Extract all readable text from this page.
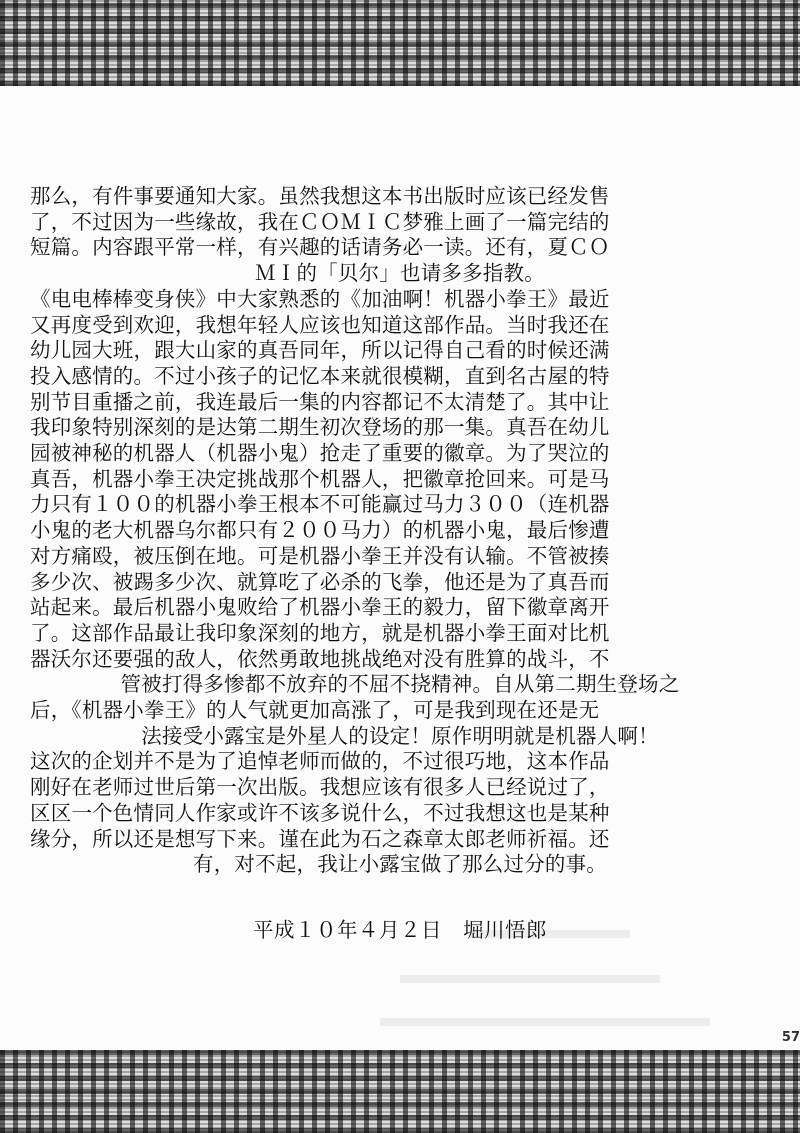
那么，有件事要通知大家。虽然我想这本书出版时应该已经发售
了，不过因为一些缘故，我在ＣＯＭＩＣ梦雅上画了一篇完结的
短篇。内容跟平常一样，有兴趣的话请务必一读。还有，夏ＣＯ
ＭＩ的「贝尔」也请多多指教。
《电电棒棒变身侠》中大家熟悉的《加油啊！机器小拳王》最近
又再度受到欢迎，我想年轻人应该也知道这部作品。当时我还在
幼儿园大班，跟大山家的真吾同年，所以记得自己看的时候还满
投入感情的。不过小孩子的记忆本来就很模糊，直到名古屋的特
别节目重播之前，我连最后一集的内容都记不太清楚了。其中让
我印象特别深刻的是达第二期生初次登场的那一集。真吾在幼儿
园被神秘的机器人（机器小鬼）抢走了重要的徽章。为了哭泣的
真吾，机器小拳王决定挑战那个机器人，把徽章抢回来。可是马
力只有１００的机器小拳王根本不可能赢过马力３００（连机器
小鬼的老大机器乌尔都只有２００马力）的机器小鬼，最后惨遭
对方痛殴，被压倒在地。可是机器小拳王并没有认输。不管被揍
多少次、被踢多少次、就算吃了必杀的飞拳，他还是为了真吾而
站起来。最后机器小鬼败给了机器小拳王的毅力，留下徽章离开
了。这部作品最让我印象深刻的地方，就是机器小拳王面对比机
器沃尔还要强的敌人，依然勇敢地挑战绝对没有胜算的战斗，不
管被打得多惨都不放弃的不屈不挠精神。自从第二期生登场之
后，《机器小拳王》的人气就更加高涨了，可是我到现在还是无
法接受小露宝是外星人的设定！原作明明就是机器人啊！
这次的企划并不是为了追悼老师而做的，不过很巧地，这本作品
刚好在老师过世后第一次出版。我想应该有很多人已经说过了，
区区一个色情同人作家或许不该多说什么，不过我想这也是某种
缘分，所以还是想写下来。谨在此为石之森章太郎老师祈福。还
有，对不起，我让小露宝做了那么过分的事。
平成１０年４月２日　堀川悟郎
57
